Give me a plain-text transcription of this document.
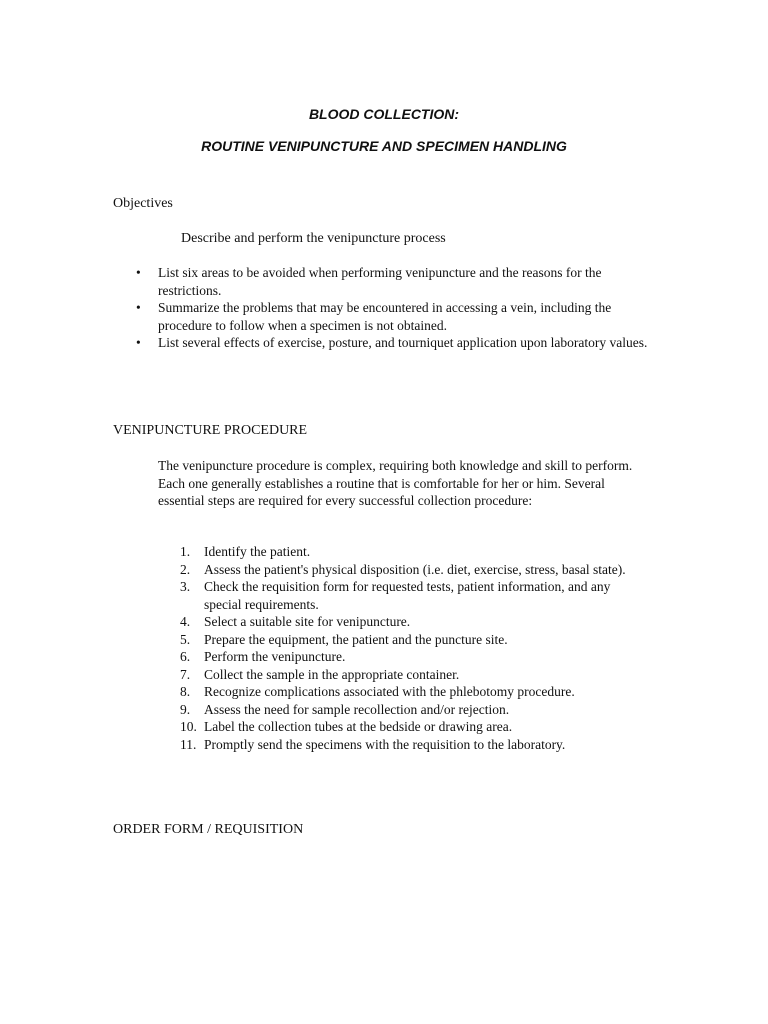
BLOOD COLLECTION:
ROUTINE VENIPUNCTURE AND SPECIMEN HANDLING
Objectives
Describe and perform the venipuncture process
• List six areas to be avoided when performing venipuncture and the reasons for the restrictions.
• Summarize the problems that may be encountered in accessing a vein, including the procedure to follow when a specimen is not obtained.
• List several effects of exercise, posture, and tourniquet application upon laboratory values.
VENIPUNCTURE PROCEDURE
The venipuncture procedure is complex, requiring both knowledge and skill to perform. Each one generally establishes a routine that is comfortable for her or him. Several essential steps are required for every successful collection procedure:
1.	Identify the patient.
2.	Assess the patient's physical disposition (i.e. diet, exercise, stress, basal state).
3.	Check the requisition form for requested tests, patient information, and any special requirements.
4.	Select a suitable site for venipuncture.
5.	Prepare the equipment, the patient and the puncture site.
6.	Perform the venipuncture.
7.	Collect the sample in the appropriate container.
8.	Recognize complications associated with the phlebotomy procedure.
9.	Assess the need for sample recollection and/or rejection.
10. Label the collection tubes at the bedside or drawing area.
11. Promptly send the specimens with the requisition to the laboratory.
ORDER FORM / REQUISITION
